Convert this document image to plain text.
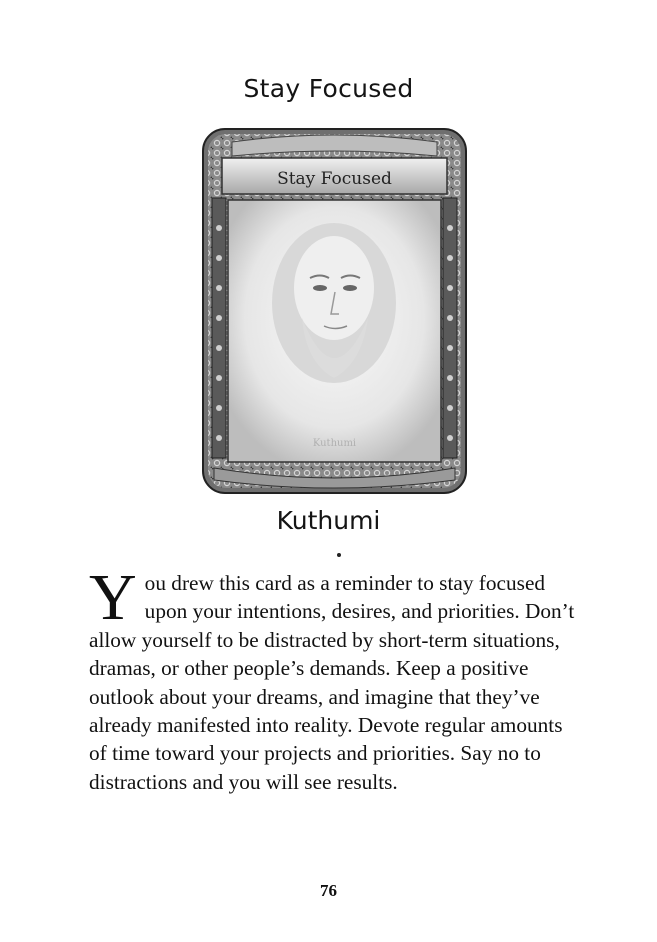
Stay Focused
Stay Focused
Kuthumi
Kuthumi

You drew this card as a reminder to stay focused upon your intentions, desires, and priorities. Don’t allow yourself to be distracted by short-term situations, dramas, or other people’s demands. Keep a positive outlook about your dreams, and imagine that they’ve already manifested into reality. Devote regular amounts of time toward your projects and priorities. Say no to distractions and you will see results.

76
